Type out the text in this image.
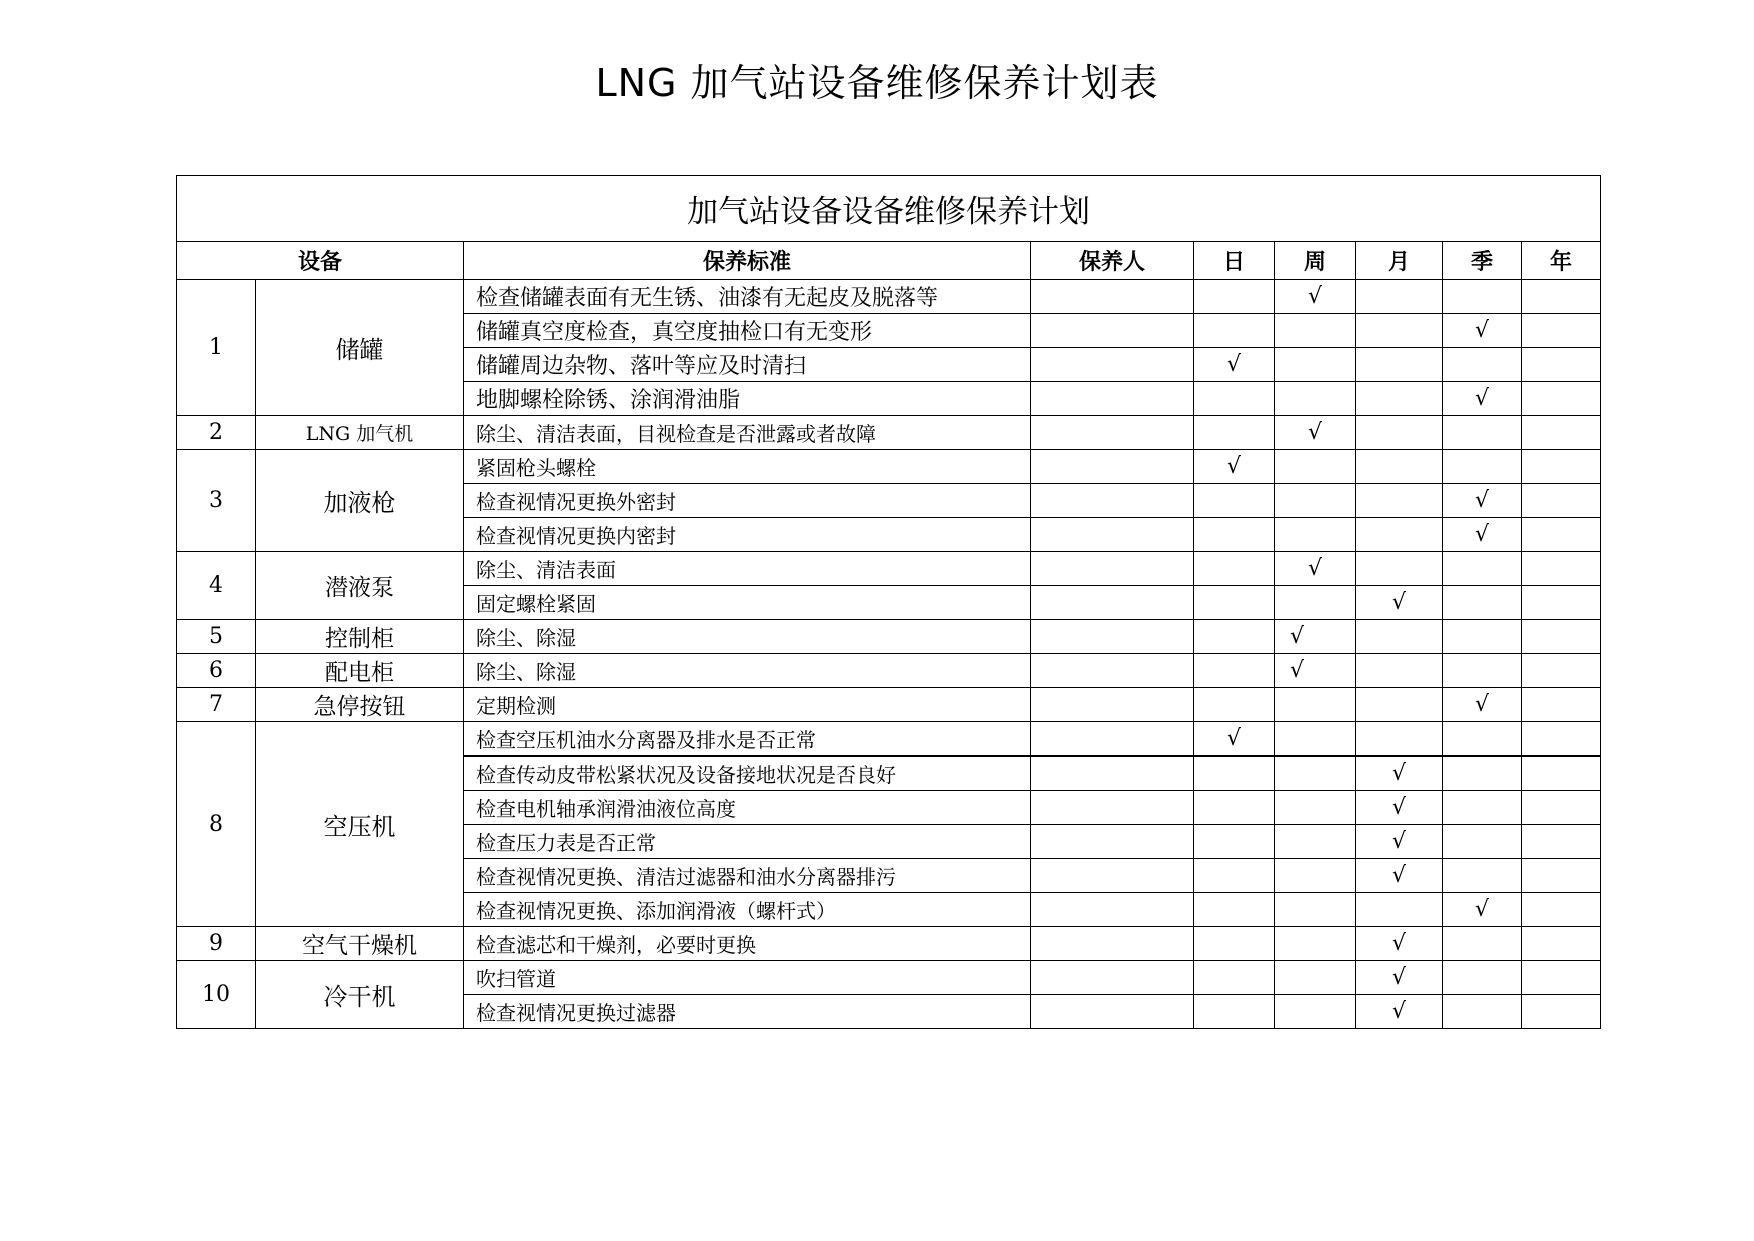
LNG 加气站设备维修保养计划表
加气站设备设备维修保养计划								
设备		保养标准	保养人	日	周	月	季	年
1	储罐	检查储罐表面有无生锈、油漆有无起皮及脱落等			√			

		储罐真空度检查，真空度抽检口有无变形					√	

		储罐周边杂物、落叶等应及时清扫		√				

		地脚螺栓除锈、涂润滑油脂					√	

2	LNG 加气机	除尘、清洁表面，目视检查是否泄露或者故障			√			

3	加液枪	紧固枪头螺栓		√				

		检查视情况更换外密封					√	

		检查视情况更换内密封					√	

4	潜液泵	除尘、清洁表面			√			

		固定螺栓紧固				√		

5	控制柜	除尘、除湿			√			

6	配电柜	除尘、除湿			√			

7	急停按钮	定期检测					√	

8	空压机	检查空压机油水分离器及排水是否正常		√				

		检查传动皮带松紧状况及设备接地状况是否良好				√		

		检查电机轴承润滑油液位高度				√		

		检查压力表是否正常				√		

		检查视情况更换、清洁过滤器和油水分离器排污				√		

		检查视情况更换、添加润滑液（螺杆式）					√	

9	空气干燥机	检查滤芯和干燥剂，必要时更换				√		

10	冷干机	吹扫管道				√		

		检查视情况更换过滤器				√		
